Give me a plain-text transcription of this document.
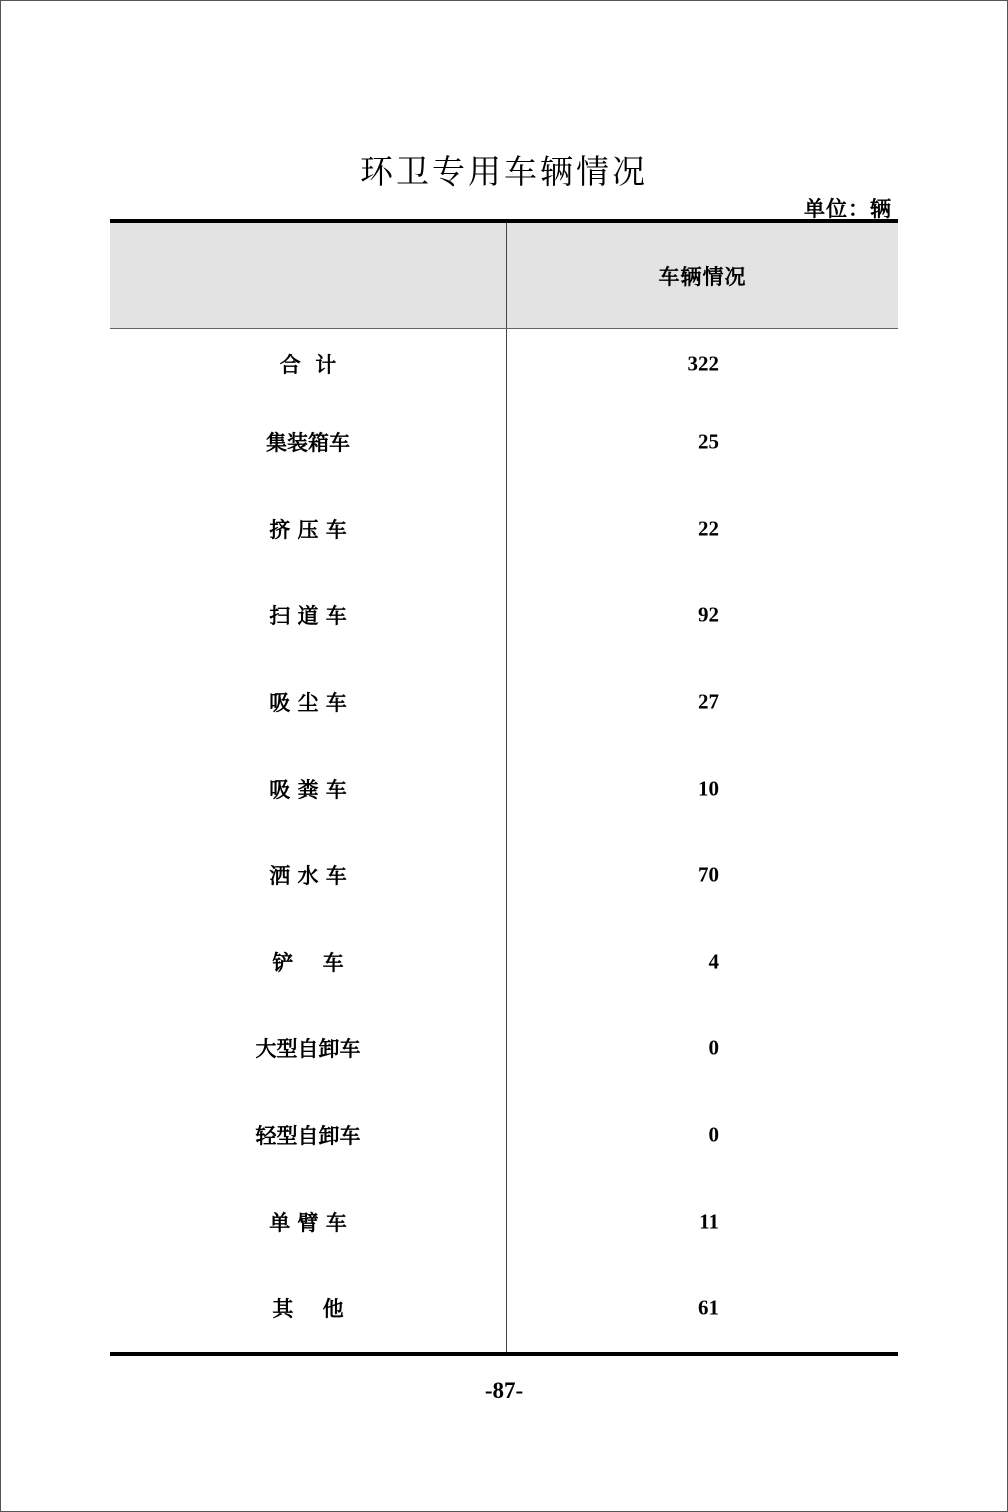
环卫专用车辆情况
单位：辆
车辆情况
合  计	322
集装箱车	25
挤 压 车	22
扫 道 车	92
吸 尘 车	27
吸 粪 车	10
洒 水 车	70
铲    车	4
大型自卸车	0
轻型自卸车	0
单 臂 车	11
其    他	61
-87-
